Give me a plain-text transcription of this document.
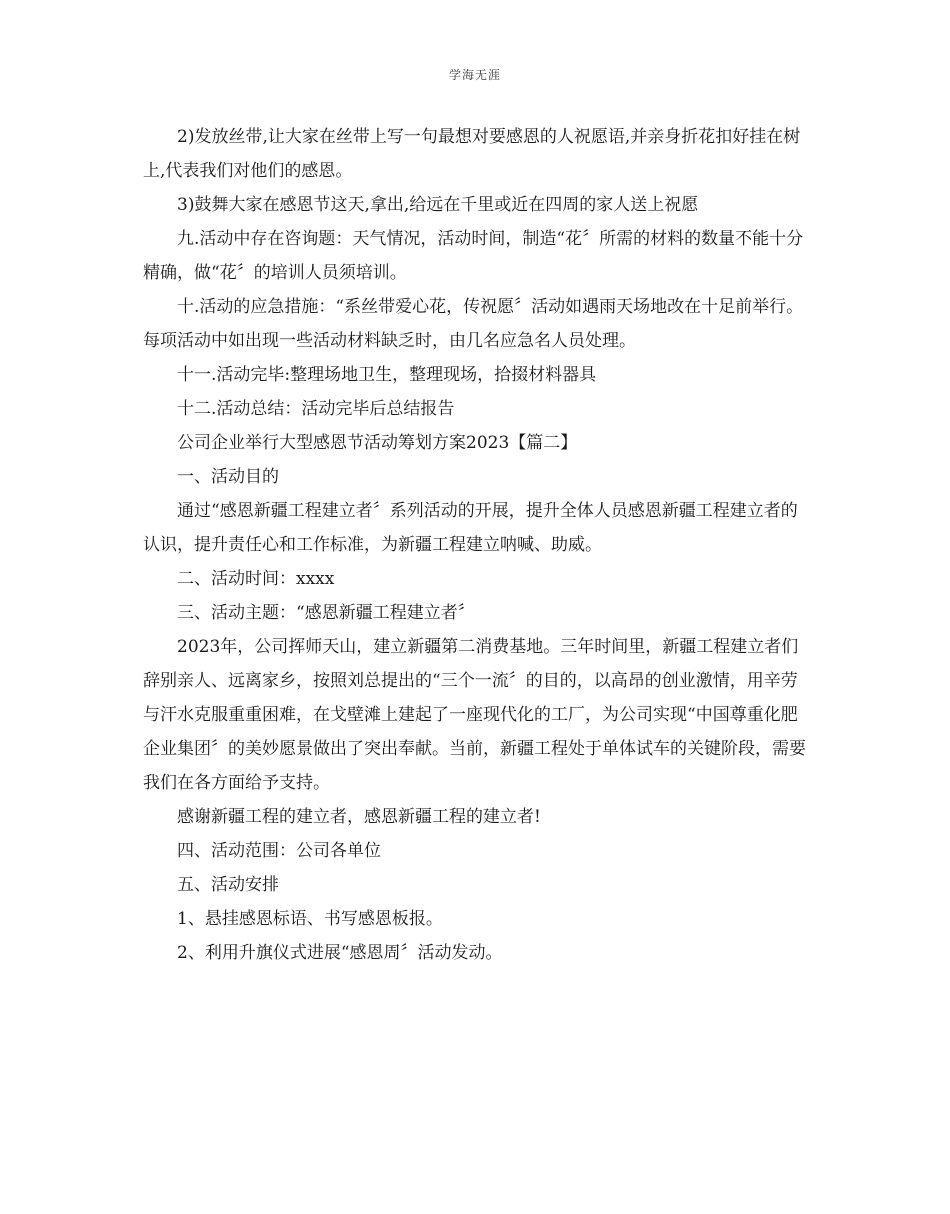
学海无涯

2)发放丝带,让大家在丝带上写一句最想对要感恩的人祝愿语,并亲身折花扣好挂在树上,代表我们对他们的感恩。

3)鼓舞大家在感恩节这天,拿出,给远在千里或近在四周的家人送上祝愿

九.活动中存在咨询题：天气情况，活动时间，制造“花〞所需的材料的数量不能十分精确，做“花〞的培训人员须培训。

十.活动的应急措施：“系丝带爱心花，传祝愿〞活动如遇雨天场地改在十足前举行。每项活动中如出现一些活动材料缺乏时，由几名应急名人员处理。

十一.活动完毕:整理场地卫生，整理现场，拾掇材料器具

十二.活动总结：活动完毕后总结报告

公司企业举行大型感恩节活动筹划方案2023【篇二】

一、活动目的

通过“感恩新疆工程建立者〞系列活动的开展，提升全体人员感恩新疆工程建立者的认识，提升责任心和工作标准，为新疆工程建立呐喊、助威。

二、活动时间：xxxx

三、活动主题：“感恩新疆工程建立者〞

2023年，公司挥师天山，建立新疆第二消费基地。三年时间里，新疆工程建立者们辞别亲人、远离家乡，按照刘总提出的“三个一流〞的目的，以高昂的创业激情，用辛劳与汗水克服重重困难，在戈壁滩上建起了一座现代化的工厂，为公司实现“中国尊重化肥企业集团〞的美妙愿景做出了突出奉献。当前，新疆工程处于单体试车的关键阶段，需要我们在各方面给予支持。

感谢新疆工程的建立者，感恩新疆工程的建立者!

四、活动范围：公司各单位

五、活动安排

1、悬挂感恩标语、书写感恩板报。

2、利用升旗仪式进展“感恩周〞活动发动。
